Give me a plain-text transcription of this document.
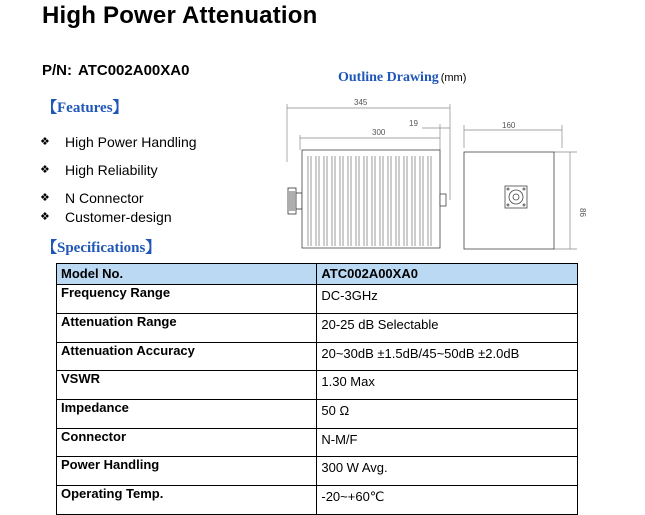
High Power Attenuation
P/N: ATC002A00XA0
【Features】
❖ High Power Handling
❖ High Reliability
❖ N Connector
❖ Customer-design
Outline Drawing (mm)
345
300
19	160
86
【Specifications】
Model No.	ATC002A00XA0
Frequency Range	DC-3GHz
Attenuation Range	20-25 dB Selectable
Attenuation Accuracy	20~30dB ±1.5dB/45~50dB ±2.0dB
VSWR	1.30 Max
Impedance	50 Ω
Connector	N-M/F
Power Handling	300 W Avg.
Operating Temp.	-20~+60℃
